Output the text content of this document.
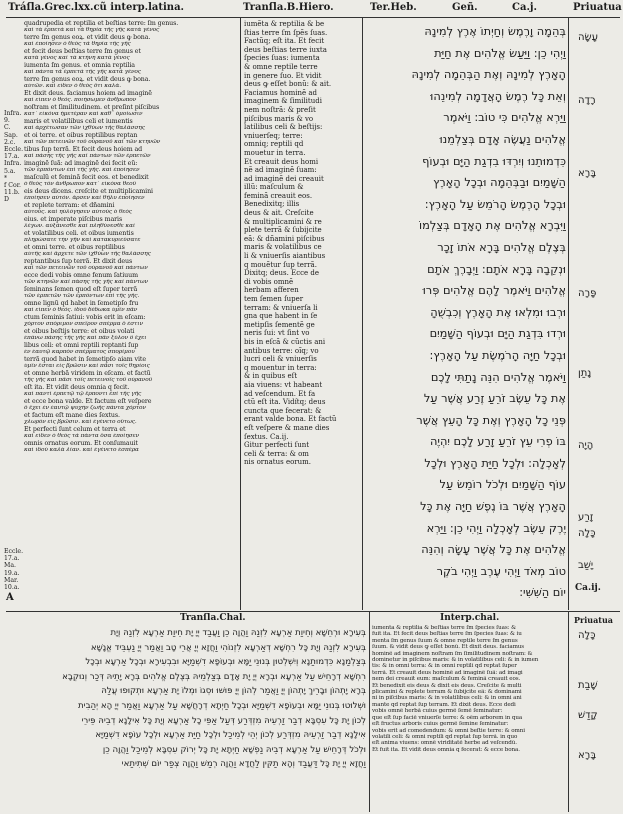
Tráſla.Grec.lxx.cũ interp.latina.	Tranſla.B.Hiero.	Ter.Heb.	Geñ.	Ca.j.	Priuatua
Infra.
9.
C.
Sap.
2.c.
Eccle.
17.a.
Infra.
5.a.
*
f Cor.
11.b.
D
Eccle.
17.a.
Ma.
19.a.
Mar.
10.a.
A
quadrupedia et reptilia et beſtias terre: ſm genus.
καὶ τὰ ἑρπετὰ καὶ τὰ θηρία τῆς γῆς κατὰ γένος
terre ſm genus eoꝝ. et vidit deus ꝙ bona.
καὶ ἐποίησεν ὁ θεὸς τὰ θηρία τῆς γῆς
et fecit deus beſtias terre ſm genus et
κατὰ γένος καὶ τὰ κτήνη κατὰ γένος
iumenta ſm genus. et omnia reptilia
καὶ πάντα τὰ ἑρπετὰ τῆς γῆς κατὰ γένος
terre ſm genus eoꝝ. et vidit deus ꝙ bona.
αὐτῶν. καὶ εἶδεν ὁ θεὸς ὅτι καλά.
Et dixit deus. faciamus hoiem ad imaginẽ
καὶ εἶπεν ὁ θεός. ποιήσωμεν ἄνθρωπον
noſtram et ſimilitudinem. et preſint piſcibus
κατ᾿ εἰκόνα ἡμετέραν καὶ καθ᾿ ὁμοίωσιν
maris et volatilibus celi et iumentis
καὶ ἀρχέτωσαν τῶν ἰχθύων τῆς θαλάσσης
et oi terre. et oibus reptilibus reptan
καὶ τῶν πετεινῶν τοῦ οὐρανοῦ καὶ τῶν κτηνῶν
tibus ſup terrã. Et fecit deus hoiem ad
καὶ πάσης τῆς γῆς καὶ πάντων τῶν ἑρπετῶν
imaginẽ ſuã: ad imaginẽ dei fecit eũ:
τῶν ἑρπόντων ἐπὶ τῆς γῆς. καὶ ἐποίησεν
maſculũ et feminã fecit eos. et benedixit
ὁ θεὸς τὸν ἄνθρωπον κατ᾿ εἰκόνα θεοῦ
eis deus dicens. creſcite et multiplicamini
ἐποίησεν αὐτόν. ἄρσεν καὶ θῆλυ ἐποίησεν
et replete terram: et dñamini
αὐτούς. καὶ ηὐλόγησεν αὐτοὺς ὁ θεὸς
eius. et imperate piſcibus maris
λέγων. αὐξάνεσθε καὶ πληθύνεσθε καὶ
et volatilibus celi. et oibus iumentis
πληρώσατε τὴν γῆν καὶ κατακυριεύσατε
et omni terre. et oibus reptilibus
αὐτῆς καὶ ἄρχετε τῶν ἰχθύων τῆς θαλάσσης
reptantibus ſup terrã. Et dixit deus
καὶ τῶν πετεινῶν τοῦ οὐρανοῦ καὶ πάντων
ecce dedi vobis omne fenum ſatiuum
τῶν κτηνῶν καὶ πάσης τῆς γῆς καὶ πάντων
ſeminans ſemen quod eſt ſuper terrã
τῶν ἑρπετῶν τῶν ἑρπόντων ἐπὶ τῆς γῆς.
omne lignũ qd habet in ſemetipſo fru
καὶ εἶπεν ὁ θεός. ἰδοὺ δέδωκα ὑμῖν πᾶν
ctum ſeminis ſatiui: vobis erit in eſcam:
χόρτον σπόριμον σπεῖρον σπέρμα ὅ ἐστιν
et oibus beſtijs terre: et oibus volati
ἐπάνω πάσης τῆς γῆς καὶ πᾶν ξύλον ὃ ἔχει
libus celi: et omni reptili reptanti ſup
ἐν ἑαυτῷ καρπὸν σπέρματος σπορίμου
terrã quod habet in ſemetipſo aiam vite
ὑμῖν ἔσται εἰς βρῶσιν καὶ πᾶσι τοῖς θηρίοις
et omne herbã viridem in eſcam. et factũ
τῆς γῆς καὶ πᾶσι τοῖς πετεινοῖς τοῦ οὐρανοῦ
eſt ita. Et vidit deus omnia q fecit.
καὶ παντὶ ἑρπετῷ τῷ ἕρποντι ἐπὶ τῆς γῆς
et ecce bona valde. Et factum eſt veſpere
ὃ ἔχει ἐν ἑαυτῷ ψυχὴν ζωῆς πάντα χόρτον
et factum eſt mane dies ſextus.
χλωρὸν εἰς βρῶσιν. καὶ ἐγένετο οὕτως.
Et perfecti ſunt celum et terra et
καὶ εἶδεν ὁ θεὸς τὰ πάντα ὅσα ἐποίησεν
omnis ornatus eorum. Et conſumauit
καὶ ἰδοὺ καλὰ λίαν. καὶ ἐγένετο ἑσπέρα
iumẽta & reptilia & be
ſtias terre ſm ſpẽs ſuas.
Factũq; eſt ita. Et fecit
deus beſtias terre iuxta
ſpecies ſuas: iumenta
& omne reptile terre
in genere ſuo. Et vidit
deus ꝙ eſſet bonũ: & ait.
Faciamus hominẽ ad
imaginem & ſimilitudi
nem noſtrã: & preſit
piſcibus maris & vo
latilibus celi & beſtijs:
vniuerſeq; terre:
omniq; reptili qd
mouetur in terra.
Et creauit deus homi
nẽ ad imaginẽ ſuam:
ad imaginẽ dei creauit
illũ: maſculum &
feminã creauit eos.
Benedixitq; illis
deus & ait. Creſcite
& multiplicamini & re
plete terrã & ſubijcite
eã: & dñamini piſcibus
maris & volatilibus ce
li & vniuerſis aiantibus
q mouẽtur ſup terrã.
Dixitq; deus. Ecce de
di vobis omnẽ
herbam afferen
tem ſemen ſuper
terram: & vniuerſa li
gna que habent in ſe
metipſis ſementẽ ge
neris ſui: vt ſint vo
bis in eſcã & cũctis ani
antibus terre: oĩq; vo
lucri celi & vniuerſis
q mouentur in terra:
& in quibus eſt
aia viuens: vt habeant
ad veſcendum. Et fa
ctũ eſt ita. Vidítq; deus
cuncta que fecerat: &
erant valde bona. Et factũ
eſt veſpere & mane dies
ſextus. Ca.ij.
Gitur perfecti ſunt
celi & terra: & om
nis ornatus eorum.
בְּהֵמָה וָרֶמֶשׂ וְחַיְתוֹ אֶרֶץ לְמִינָהּ
וַיְהִי כֵן: וַיַּעַשׂ אֱלֹהִים אֶת חַיַּת
הָאָרֶץ לְמִינָהּ וְאֶת הַבְּהֵמָה לְמִינָהּ
וְאֵת כָּל רֶמֶשׂ הָאֲדָמָה לְמִינֵהוּ
וַיַּרְא אֱלֹהִים כִּי טוֹב: וַיֹּאמֶר
אֱלֹהִים נַעֲשֶׂה אָדָם בְּצַלְמֵנוּ
כִּדְמוּתֵנוּ וְיִרְדּוּ בִדְגַת הַיָּם וּבְעוֹף
הַשָּׁמַיִם וּבַבְּהֵמָה וּבְכָל הָאָרֶץ
וּבְכָל הָרֶמֶשׂ הָרֹמֵשׂ עַל הָאָרֶץ:
וַיִּבְרָא אֱלֹהִים אֶת הָאָדָם בְּצַלְמוֹ
בְּצֶלֶם אֱלֹהִים בָּרָא אֹתוֹ זָכָר
וּנְקֵבָה בָּרָא אֹתָם: וַיְבָרֶךְ אֹתָם
אֱלֹהִים וַיֹּאמֶר לָהֶם אֱלֹהִים פְּרוּ
וּרְבוּ וּמִלְאוּ אֶת הָאָרֶץ וְכִבְשֻׁהָ
וּרְדוּ בִּדְגַת הַיָּם וּבְעוֹף הַשָּׁמַיִם
וּבְכָל חַיָּה הָרֹמֶשֶׂת עַל הָאָרֶץ:
וַיֹּאמֶר אֱלֹהִים הִנֵּה נָתַתִּי לָכֶם
אֶת כָּל עֵשֶׂב זֹרֵעַ זֶרַע אֲשֶׁר עַל
פְּנֵי כָל הָאָרֶץ וְאֶת כָּל הָעֵץ אֲשֶׁר
בּוֹ פְרִי עֵץ זֹרֵעַ זָרַע לָכֶם יִהְיֶה
לְאָכְלָה: וּלְכָל חַיַּת הָאָרֶץ וּלְכָל
עוֹף הַשָּׁמַיִם וּלְכֹל רוֹמֵשׂ עַל
הָאָרֶץ אֲשֶׁר בּוֹ נֶפֶשׁ חַיָּה אֶת כָּל
יֶרֶק עֵשֶׂב לְאָכְלָה וַיְהִי כֵן: וַיַּרְא
אֱלֹהִים אֶת כָּל אֲשֶׁר עָשָׂה וְהִנֵּה
טוֹב מְאֹד וַיְהִי עֶרֶב וַיְהִי בֹקֶר
יוֹם הַשִּׁשִּׁי:
עָשָׂה
רָדָה
בָּרָא
פָּרָה
נָתַן
הָיָה
זָרַע
כָּלָה
יָשַׁב
Ca.ij.
Tranſla.Chal.
בְּעִירָא וּרְחֵשָׁא וְחֵיוַת אַרְעָא לִזְנַהּ וַהֲוָה כֵן וַעֲבַד יְיָ יָת חֵיוַת אַרְעָא לִזְנַהּ וְיָת
בְּעִירָא לִזְנַהּ וְיָת כָּל רִחְשָׁא דְאַרְעָא לִזְנוֹהִי וַחֲזָא יְיָ אֲרֵי טָב וַאֲמַר יְיָ נַעְבֵּיד אֱנָשָׁא
בְּצַלְמַנָא כִּדְמוּתַנָא וְיִשְׁלְטוּן בְּנוּנֵי יַמָּא וּבְעוֹפָא דִשְׁמַיָּא וּבִבְעִירָא וּבְכָל אַרְעָא וּבְכָל
רִחְשָׁא דְרָחֵישׁ עַל אַרְעָא וּבְרָא יְיָ יָת אָדָם בְּצַלְמֵיהּ בְּצֶלֶם אֱלֹהִים בְּרָא יָתֵיהּ דְּכַר וְנוּקְבָא
בְּרָא יָתְהוֹן וּבָרֵיךְ יָתְהוֹן יְיָ וַאֲמַר לְהוֹן יְיָ פּוּשׁוּ וּסְגוֹ וּמְלוֹ יָת אַרְעָא וּתְקוּפוּ עֲלַהּ
וּשְׁלוּטוּ בְּנוּנֵי יַמָּא וּבְעוֹפָא דִשְׁמַיָּא וּבְכָל חַיְתָא דְרָחֲשָׁא עַל אַרְעָא וַאֲמַר יְיָ הָא יְהַבִית
לְכוֹן יָת כָּל עִסְבָּא דְבַר זַרְעֵיהּ מִזְדְּרַע דְּעַל אַפֵּי כָל אַרְעָא וְיָת כָּל אִילָנָא דְבֵיהּ פֵּירֵי
אִילָנָא דְבַר זַרְעֵיהּ מִזְדְּרַע לְכוֹן יְהֵי לְמֵיכַל וּלְכָל חַיַּת אַרְעָא וּלְכָל עוֹפָא דִשְׁמַיָּא
וּלְכֹל דְּרָחֵישׁ עַל אַרְעָא דְבֵיהּ נַפְשָׁא חַיְתָא יָת כָּל יְרוֹק עִסְבָּא לְמֵיכַל וַהֲוָה כֵן
וַחֲזָא יְיָ יָת כָּל דַּעֲבַד וְהָא תַקִּין לַחֲדָא וַהֲוָה רְמַשׁ וַהֲוָה צְפַר יוֹם שְׁתִיתַאי
Interp.chal.
iumenta & reptilia & beſtias terre ſm ſpecies ſuas: &
fuit ita. Et fecit deus beſtias terre ſm ſpecies ſuas: & iu
menta ſm genus ſuum & omne reptile terre ſm genus
ſuum. & vidit deus ꝙ eſſet bonũ. Et dixit deus. faciamus
hominẽ ad imaginem noſtram ſm ſimilitudinem noſtram: &
dominetur in piſcibus maris: & in volatilibus celi: & in iumen
tis: & in omni terra: & in omni reptili qd reptat ſuper
terrã. Et creauit deus hominẽ ad imaginẽ ſuã: ad imagi
nem dei creauit eum: maſculum & feminã creauit eos.
Et benedixit eis deus & dixit eis deus. Creſcite & multi
plicamini & replete terram & ſubijcite eã: & dominami
ni in piſcibus maris: & in volatilibus celi: & in omni ani
mante qd reptat ſup terram. Et dixit deus. Ecce dedi
vobis omnẽ herbã cuius germẽ ſemẽ ſeminatur:
que eſt ſup faciẽ vniuerſe terre: & oẽm arborem in qua
eſt fructus arboris cuius germẽ ſemine ſeminatur:
vobis erit ad comedendum: & omni beſtie terre: & omni
volatili celi: & omni reptili qd reptat ſup terrã. in quo
eſt anima viuens: omnẽ viriditatẽ herbe ad veſcendũ.
Et fuit ita. Et vidit deus omnia q fecerat: & ecce bona.
Priuatua
כָּלָה
שָׁבַת
קָדַשׁ
בָּרָא
